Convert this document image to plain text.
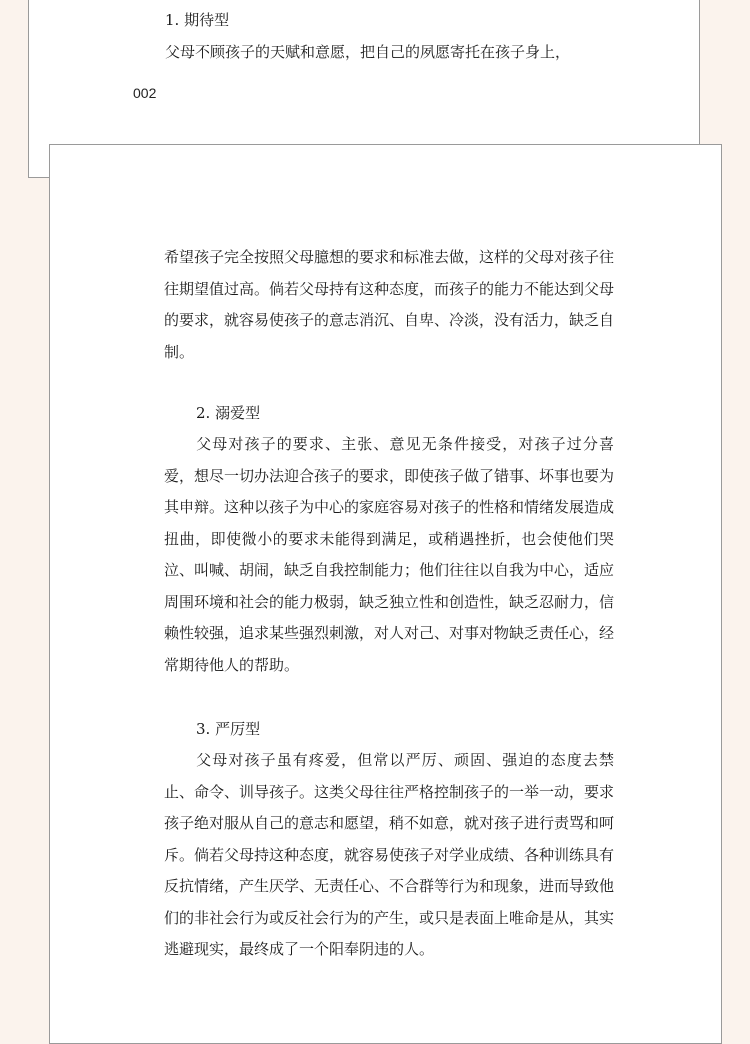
1. 期待型

父母不顾孩子的天赋和意愿，把自己的夙愿寄托在孩子身上，

002

希望孩子完全按照父母臆想的要求和标准去做，这样的父母对孩子往往期望值过高。倘若父母持有这种态度，而孩子的能力不能达到父母的要求，就容易使孩子的意志消沉、自卑、冷淡，没有活力，缺乏自制。

2. 溺爱型

父母对孩子的要求、主张、意见无条件接受，对孩子过分喜爱，想尽一切办法迎合孩子的要求，即使孩子做了错事、坏事也要为其申辩。这种以孩子为中心的家庭容易对孩子的性格和情绪发展造成扭曲，即使微小的要求未能得到满足，或稍遇挫折，也会使他们哭泣、叫喊、胡闹，缺乏自我控制能力；他们往往以自我为中心，适应周围环境和社会的能力极弱，缺乏独立性和创造性，缺乏忍耐力，信赖性较强，追求某些强烈刺激，对人对己、对事对物缺乏责任心，经常期待他人的帮助。

3. 严厉型

父母对孩子虽有疼爱，但常以严厉、顽固、强迫的态度去禁止、命令、训导孩子。这类父母往往严格控制孩子的一举一动，要求孩子绝对服从自己的意志和愿望，稍不如意，就对孩子进行责骂和呵斥。倘若父母持这种态度，就容易使孩子对学业成绩、各种训练具有反抗情绪，产生厌学、无责任心、不合群等行为和现象，进而导致他们的非社会行为或反社会行为的产生，或只是表面上唯命是从，其实逃避现实，最终成了一个阳奉阴违的人。
